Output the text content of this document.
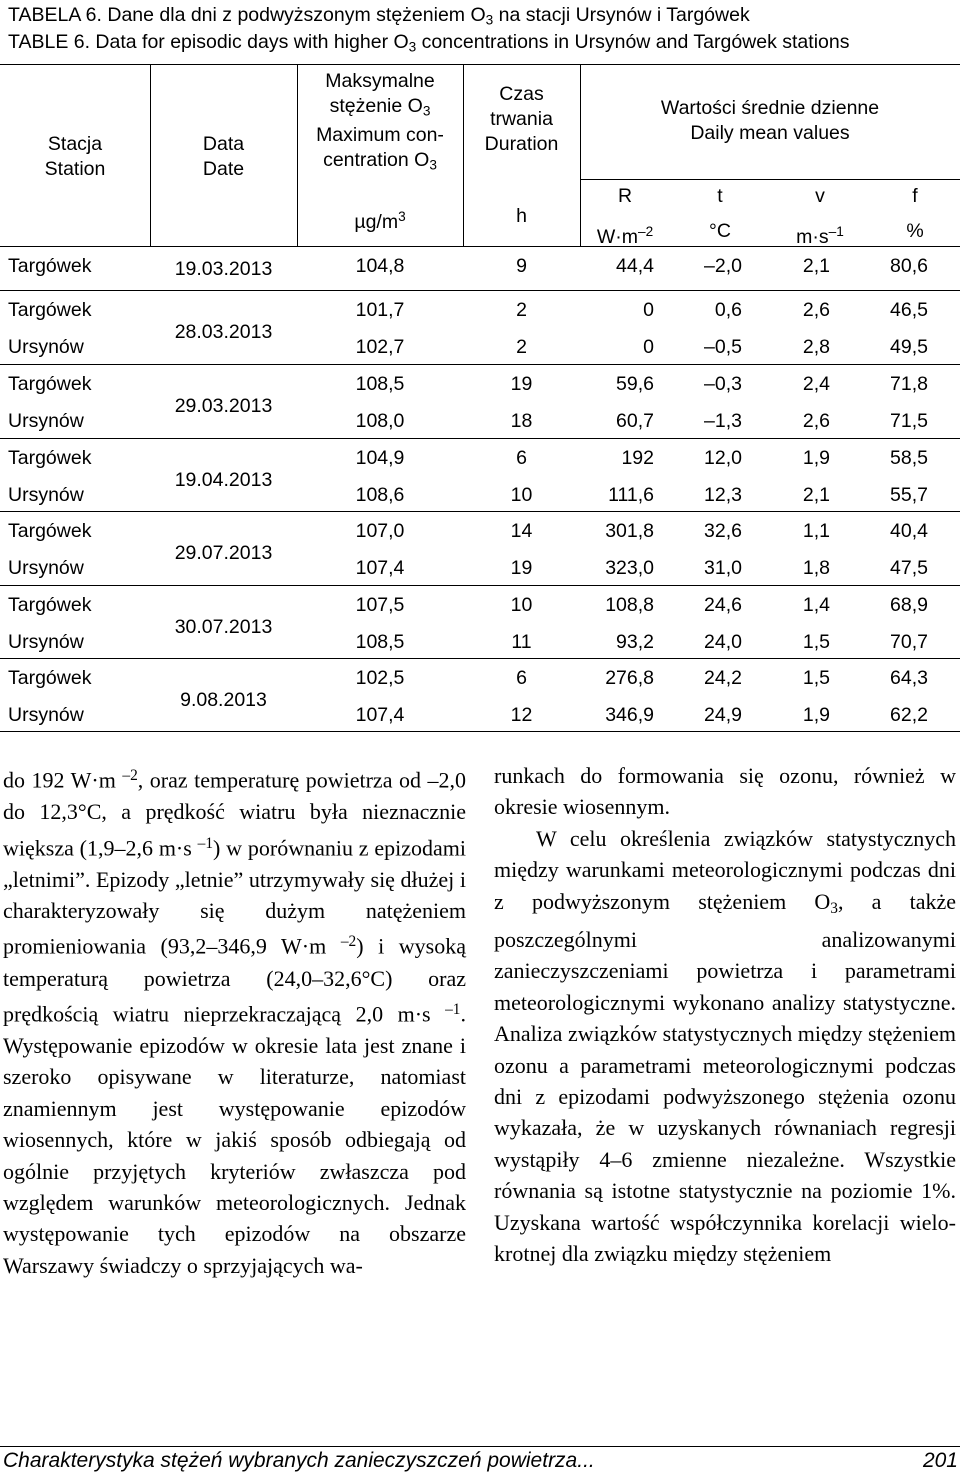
TABELA 6. Dane dla dni z podwyższonym stężeniem $O_3$ na stacji Ursynów i Targówek
TABLE 6. Data for episodic days with higher $O_3$ concentrations in Ursynów and Targówek stations
Stacja
Station
Data
Date
Maksymalne
stężenie $O_3$
Maximum con-
centration $O_3$
$\mu g/m^3$
Czas
trwania
Duration
h
Wartości średnie dzienne
Daily mean values
R	t	v	f
$W\cdot m^{-2}$	°C	$m\cdot s^{-1}$	%
19.03.2013
Targówek	104,8	9	44,4	–2,0	2,1	80,6
28.03.2013
Targówek	101,7	2	0	0,6	2,6	46,5
Ursynów	102,7	2	0	–0,5	2,8	49,5
29.03.2013
Targówek	108,5	19	59,6	–0,3	2,4	71,8
Ursynów	108,0	18	60,7	–1,3	2,6	71,5
19.04.2013
Targówek	104,9	6	192	12,0	1,9	58,5
Ursynów	108,6	10	111,6	12,3	2,1	55,7
29.07.2013
Targówek	107,0	14	301,8	32,6	1,1	40,4
Ursynów	107,4	19	323,0	31,0	1,8	47,5
30.07.2013
Targówek	107,5	10	108,8	24,6	1,4	68,9
Ursynów	108,5	11	93,2	24,0	1,5	70,7
9.08.2013
Targówek	102,5	6	276,8	24,2	1,5	64,3
Ursynów	107,4	12	346,9	24,9	1,9	62,2

do 192 W·m $^{-2}$, oraz temperaturę powietrza od –2,0 do 12,3°C, a prędkość wiatru była nieznacznie większa (1,9–2,6 m·s $^{-1}$) w porównaniu z epizodami „letnimi”. Epizody „letnie” utrzymywały się dłużej i charakteryzowały się dużym natężeniem promieniowania (93,2–346,9 W·m $^{-2}$) i wysoką temperaturą powietrza (24,0–32,6°C) oraz prędkością wiatru nieprzekraczającą 2,0 m·s $^{-1}$. Występowanie epizodów w okresie lata jest znane i szeroko opisywane w literaturze, natomiast znamiennym jest występowanie epizodów wiosennych, które w jakiś sposób odbiegają od ogólnie przyjętych kryteriów zwłaszcza pod względem warunków meteorologicznych. Jednak występowanie tych epizodów na obszarze Warszawy świadczy o sprzyjających wa-

runkach do formowania się ozonu, również w okresie wiosennym.

W celu określenia związków statystycznych między warunkami meteorologicznymi podczas dni z podwyższonym stężeniem $O_3$, a także poszczególnymi analizowanymi zanieczyszczeniami powietrza i parametrami meteorologicznymi wykonano analizy statystyczne. Analiza związków statystycznych między stężeniem ozonu a parametrami meteorologicznymi podczas dni z epizodami podwyższonego stężenia ozonu wykazała, że w uzyskanych równaniach regresji wystąpiły 4–6 zmienne niezależne. Wszystkie równania są istotne statystycznie na poziomie 1%. Uzyskana wartość współczynnika korelacji wielokrotnej dla związku między stężeniem

Charakterystyka stężeń wybranych zanieczyszczeń powietrza...	201
